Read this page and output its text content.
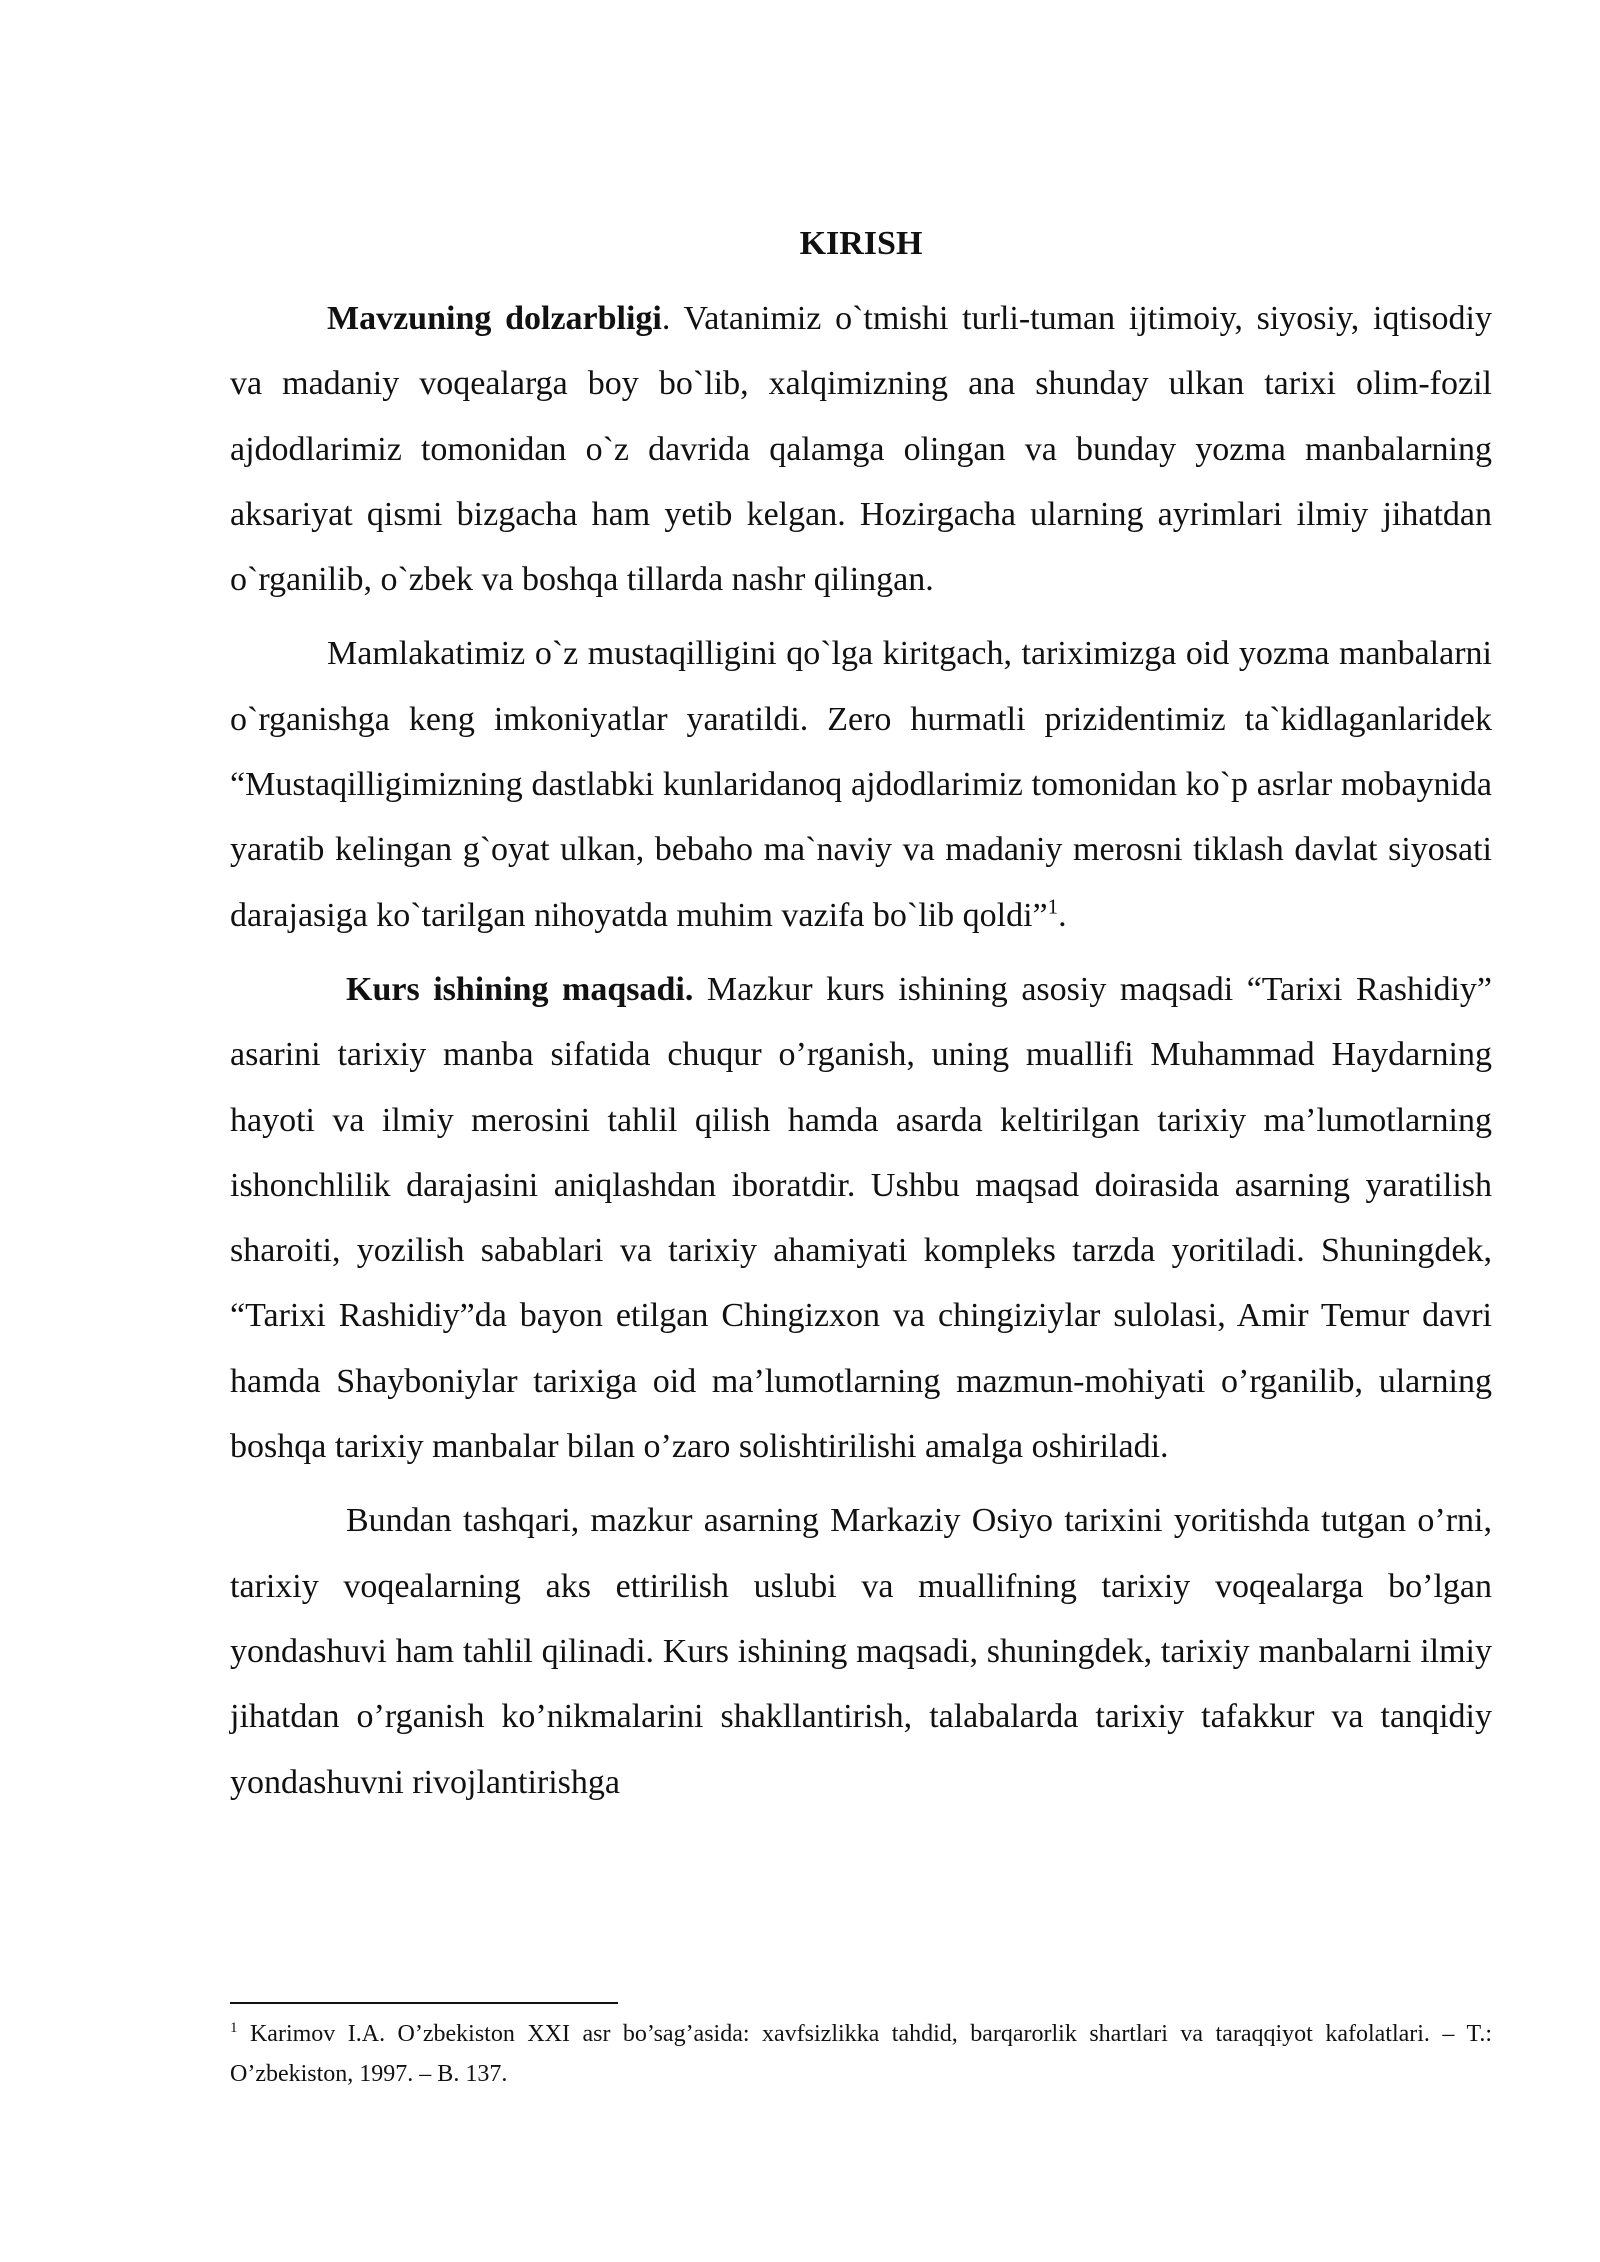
KIRISH

Mavzuning dolzarbligi. Vatanimiz o`tmishi turli-tuman ijtimoiy, siyosiy, iqtisodiy va madaniy voqealarga boy bo`lib, xalqimizning ana shunday ulkan tarixi olim-fozil ajdodlarimiz tomonidan o`z davrida qalamga olingan va bunday yozma manbalarning aksariyat qismi bizgacha ham yetib kelgan. Hozirgacha ularning ayrimlari ilmiy jihatdan o`rganilib, o`zbek va boshqa tillarda nashr qilingan.

Mamlakatimiz o`z mustaqilligini qo`lga kiritgach, tariximizga oid yozma manbalarni o`rganishga keng imkoniyatlar yaratildi. Zero hurmatli prizidentimiz ta`kidlaganlaridek “Mustaqilligimizning dastlabki kunlaridanoq ajdodlarimiz tomonidan ko`p asrlar mobaynida yaratib kelingan g`oyat ulkan, bebaho ma`naviy va madaniy merosni tiklash davlat siyosati darajasiga ko`tarilgan nihoyatda muhim vazifa bo`lib qoldi”$^1$.

Kurs ishining maqsadi. Mazkur kurs ishining asosiy maqsadi “Tarixi Rashidiy” asarini tarixiy manba sifatida chuqur o’rganish, uning muallifi Muhammad Haydarning hayoti va ilmiy merosini tahlil qilish hamda asarda keltirilgan tarixiy ma’lumotlarning ishonchlilik darajasini aniqlashdan iboratdir. Ushbu maqsad doirasida asarning yaratilish sharoiti, yozilish sabablari va tarixiy ahamiyati kompleks tarzda yoritiladi. Shuningdek, “Tarixi Rashidiy”da bayon etilgan Chingizxon va chingiziylar sulolasi, Amir Temur davri hamda Shayboniylar tarixiga oid ma’lumotlarning mazmun-mohiyati o’rganilib, ularning boshqa tarixiy manbalar bilan o’zaro solishtirilishi amalga oshiriladi.

Bundan tashqari, mazkur asarning Markaziy Osiyo tarixini yoritishda tutgan o’rni, tarixiy voqealarning aks ettirilish uslubi va muallifning tarixiy voqealarga bo’lgan yondashuvi ham tahlil qilinadi. Kurs ishining maqsadi, shuningdek, tarixiy manbalarni ilmiy jihatdan o’rganish ko’nikmalarini shakllantirish, talabalarda tarixiy tafakkur va tanqidiy yondashuvni rivojlantirishga

$^1$ Karimov I.A. O’zbekiston XXI asr bo’sag’asida: xavfsizlikka tahdid, barqarorlik shartlari va taraqqiyot kafolatlari. – T.: O’zbekiston, 1997. – B. 137.
